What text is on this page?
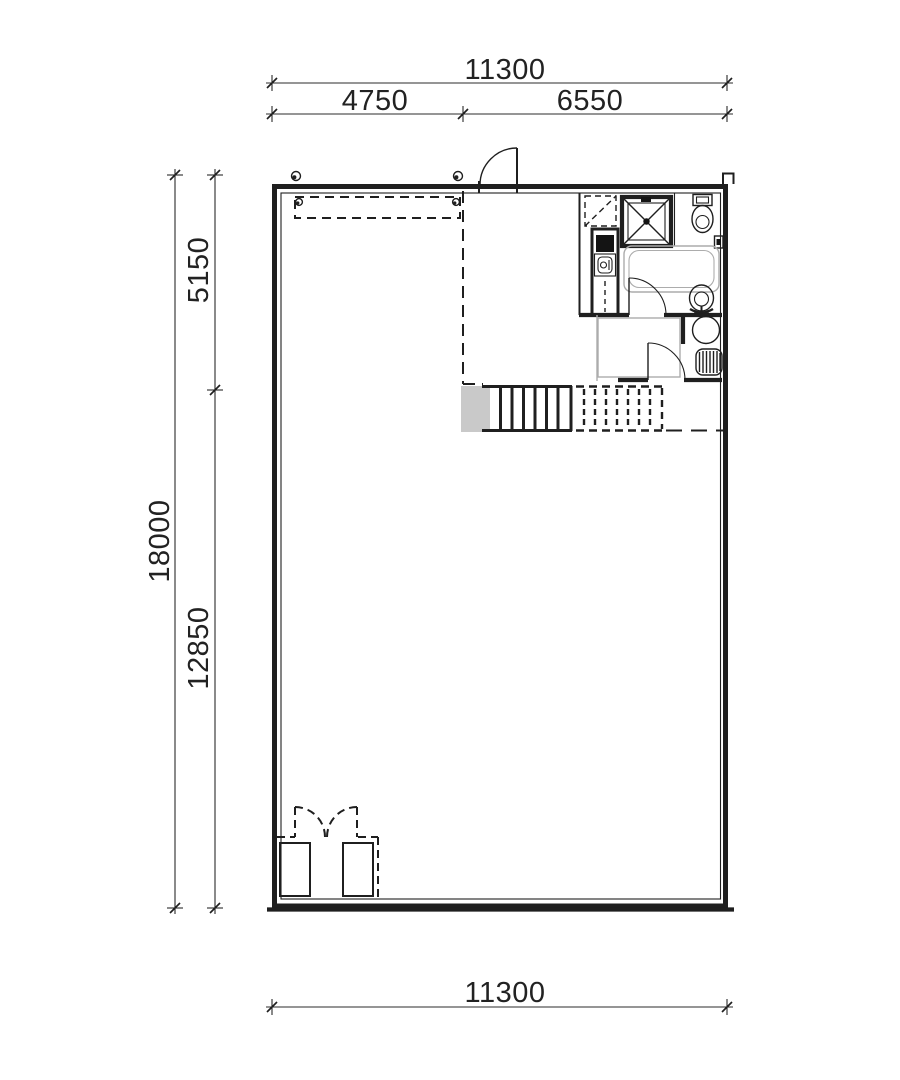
11300
4750	6550
18000
5150
12850
11300
